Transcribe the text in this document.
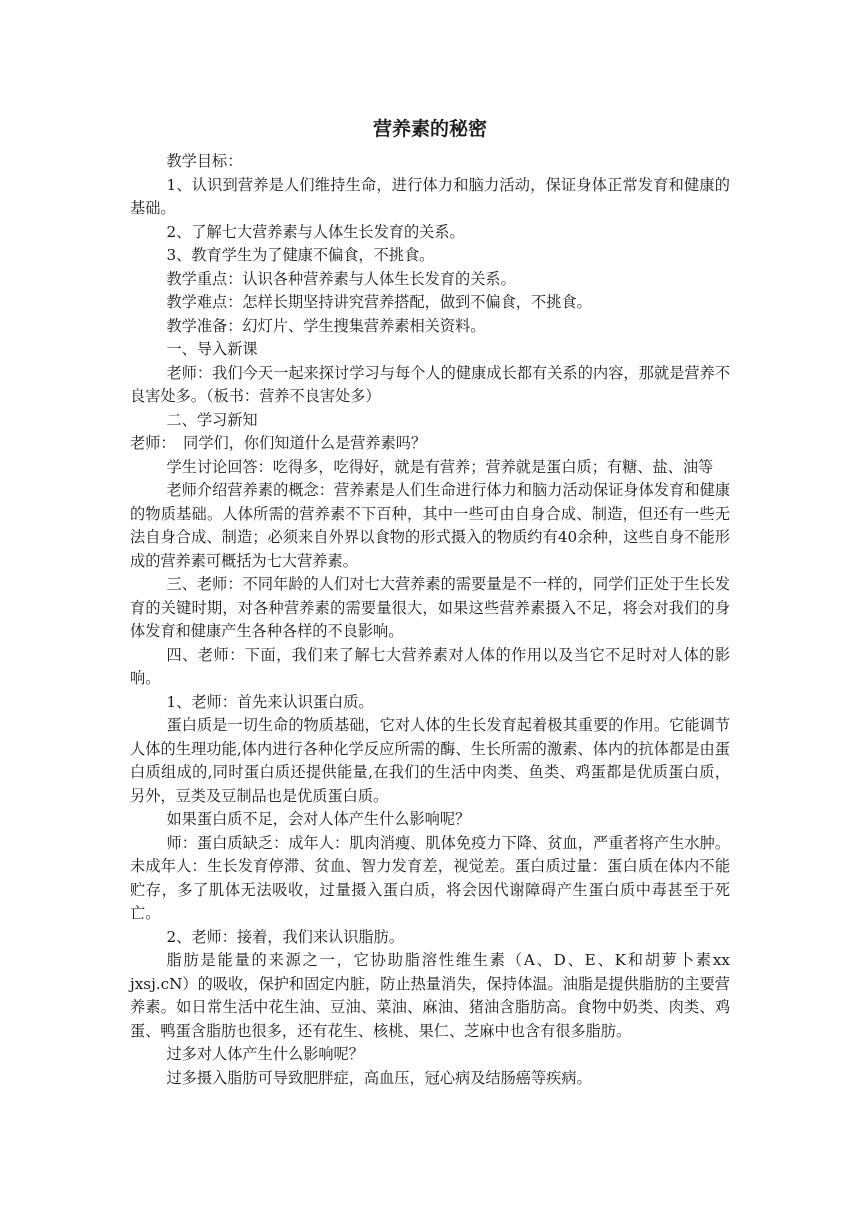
营养素的秘密

教学目标：

1、认识到营养是人们维持生命，进行体力和脑力活动，保证身体正常发育和健康的基础。

2、了解七大营养素与人体生长发育的关系。

3、教育学生为了健康不偏食，不挑食。

教学重点：认识各种营养素与人体生长发育的关系。

教学难点：怎样长期坚持讲究营养搭配，做到不偏食，不挑食。

教学准备：幻灯片、学生搜集营养素相关资料。

一、导入新课

老师：我们今天一起来探讨学习与每个人的健康成长都有关系的内容，那就是营养不良害处多。（板书：营养不良害处多）

二、学习新知

老师：　同学们，你们知道什么是营养素吗？

学生讨论回答：吃得多，吃得好，就是有营养；营养就是蛋白质；有糖、盐、油等

老师介绍营养素的概念：营养素是人们生命进行体力和脑力活动保证身体发育和健康的物质基础。人体所需的营养素不下百种，其中一些可由自身合成、制造，但还有一些无法自身合成、制造；必须来自外界以食物的形式摄入的物质约有40余种，这些自身不能形成的营养素可概括为七大营养素。

三、老师：不同年龄的人们对七大营养素的需要量是不一样的，同学们正处于生长发育的关键时期，对各种营养素的需要量很大，如果这些营养素摄入不足，将会对我们的身体发育和健康产生各种各样的不良影响。

四、老师：下面，我们来了解七大营养素对人体的作用以及当它不足时对人体的影响。

1、老师：首先来认识蛋白质。

蛋白质是一切生命的物质基础，它对人体的生长发育起着极其重要的作用。它能调节人体的生理功能,体内进行各种化学反应所需的酶、生长所需的激素、体内的抗体都是由蛋白质组成的,同时蛋白质还提供能量,在我们的生活中肉类、鱼类、鸡蛋都是优质蛋白质，另外，豆类及豆制品也是优质蛋白质。

如果蛋白质不足，会对人体产生什么影响呢？

师：蛋白质缺乏：成年人：肌肉消瘦、肌体免疫力下降、贫血，严重者将产生水肿。未成年人：生长发育停滞、贫血、智力发育差，视觉差。蛋白质过量：蛋白质在体内不能贮存，多了肌体无法吸收，过量摄入蛋白质，将会因代谢障碍产生蛋白质中毒甚至于死亡。

2、老师：接着，我们来认识脂肪。

脂肪是能量的来源之一，它协助脂溶性维生素（A、D、E、K和胡萝卜素xx jxsj.cN）的吸收，保护和固定内脏，防止热量消失，保持体温。油脂是提供脂肪的主要营养素。如日常生活中花生油、豆油、菜油、麻油、猪油含脂肪高。食物中奶类、肉类、鸡蛋、鸭蛋含脂肪也很多，还有花生、核桃、果仁、芝麻中也含有很多脂肪。

过多对人体产生什么影响呢？

过多摄入脂肪可导致肥胖症，高血压，冠心病及结肠癌等疾病。
